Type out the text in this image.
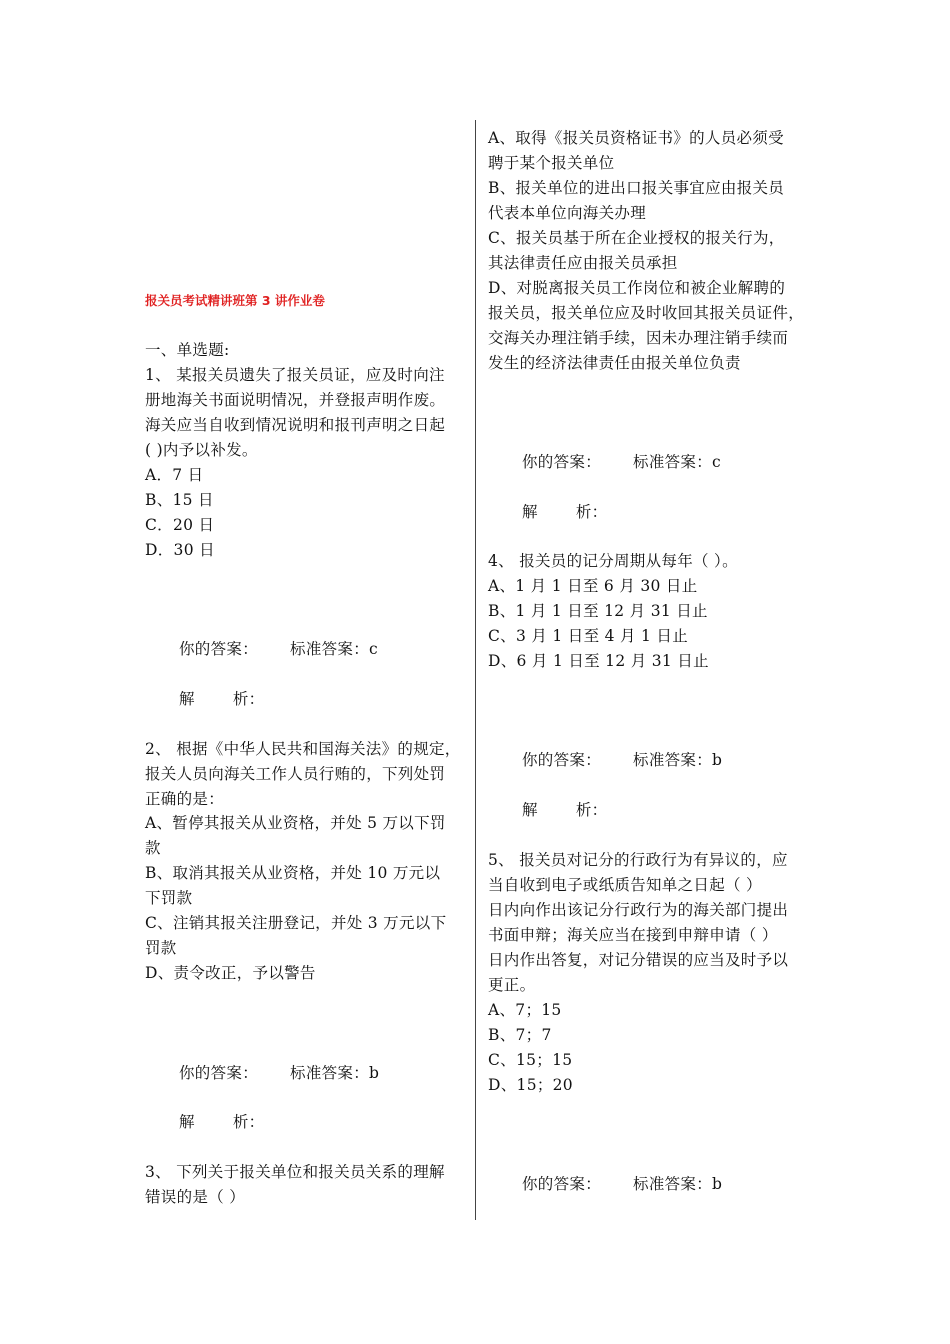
报关员考试精讲班第 3 讲作业卷
一、单选题:
1、 某报关员遗失了报关员证，应及时向注
册地海关书面说明情况，并登报声明作废。
海关应当自收到情况说明和报刊声明之日起
( )内予以补发。
A．7 日
B、15 日
C．20 日
D．30 日
你的答案： 标准答案：c
解 析：
2、 根据《中华人民共和国海关法》的规定，
报关人员向海关工作人员行贿的，下列处罚
正确的是：
A、暂停其报关从业资格，并处 5 万以下罚
款
B、取消其报关从业资格，并处 10 万元以
下罚款
C、注销其报关注册登记，并处 3 万元以下
罚款
D、责令改正，予以警告
你的答案： 标准答案：b
解 析：
3、 下列关于报关单位和报关员关系的理解
错误的是（ ）
A、取得《报关员资格证书》的人员必须受
聘于某个报关单位
B、报关单位的进出口报关事宜应由报关员
代表本单位向海关办理
C、报关员基于所在企业授权的报关行为，
其法律责任应由报关员承担
D、对脱离报关员工作岗位和被企业解聘的
报关员，报关单位应及时收回其报关员证件，
交海关办理注销手续，因未办理注销手续而
发生的经济法律责任由报关单位负责
你的答案： 标准答案：c
解 析：
4、 报关员的记分周期从每年（ ）。
A、1 月 1 日至 6 月 30 日止
B、1 月 1 日至 12 月 31 日止
C、3 月 1 日至 4 月 1 日止
D、6 月 1 日至 12 月 31 日止
你的答案： 标准答案：b
解 析：
5、 报关员对记分的行政行为有异议的，应
当自收到电子或纸质告知单之日起（ ）
日内向作出该记分行政行为的海关部门提出
书面申辩；海关应当在接到申辩申请（ ）
日内作出答复，对记分错误的应当及时予以
更正。
A、7；15
B、7；7
C、15；15
D、15；20
你的答案： 标准答案：b
